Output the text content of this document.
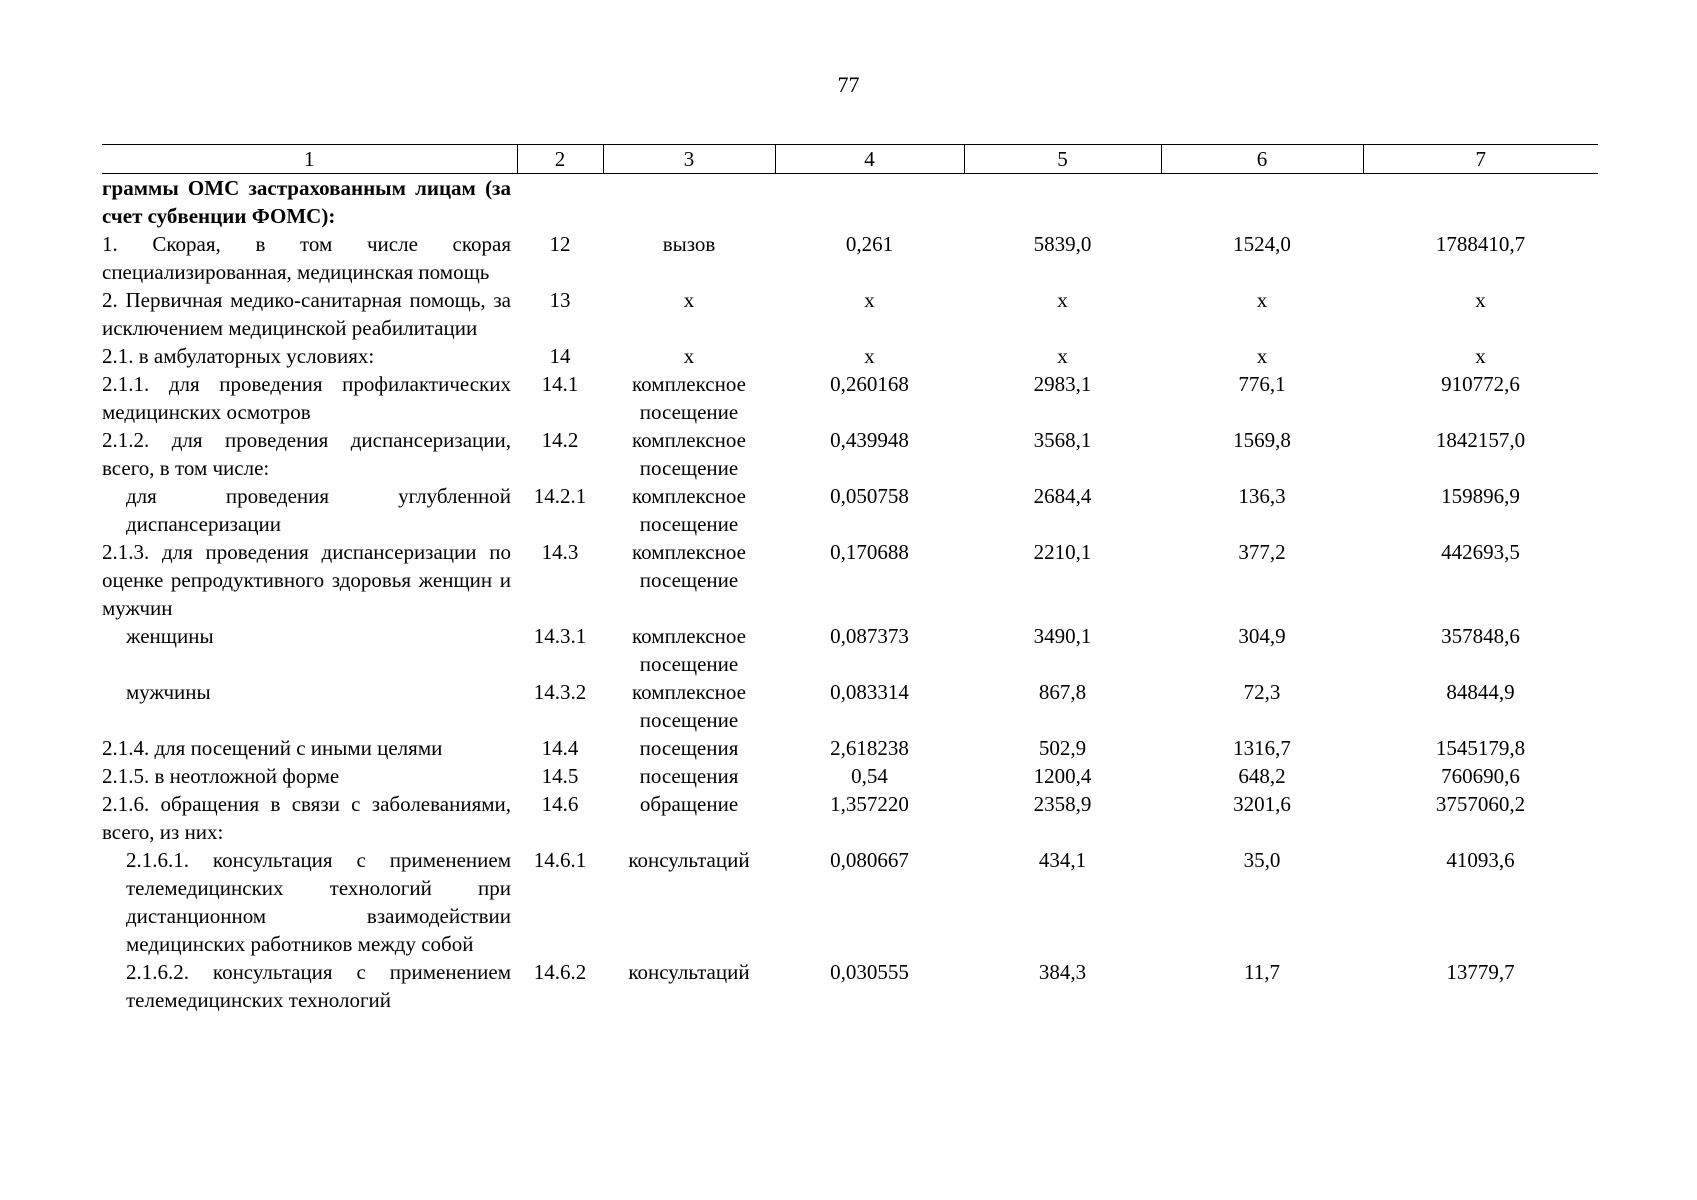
77
1	2	3	4	5	6	7
граммы ОМС застрахованным лицам (за счет субвенции ФОМС):						
1. Скорая, в том числе скорая специализированная, медицинская помощь	12	вызов	0,261	5839,0	1524,0	1788410,7
2. Первичная медико-санитарная помощь, за исключением медицинской реабилитации	13	х	х	х	х	х
2.1. в амбулаторных условиях:	14	х	х	х	х	х
2.1.1. для проведения профилактических медицинских осмотров	14.1	комплексное посещение	0,260168	2983,1	776,1	910772,6
2.1.2. для проведения диспансеризации, всего, в том числе:	14.2	комплексное посещение	0,439948	3568,1	1569,8	1842157,0
для проведения углубленной диспансеризации	14.2.1	комплексное посещение	0,050758	2684,4	136,3	159896,9
2.1.3. для проведения диспансеризации по оценке репродуктивного здоровья женщин и мужчин	14.3	комплексное посещение	0,170688	2210,1	377,2	442693,5
женщины	14.3.1	комплексное посещение	0,087373	3490,1	304,9	357848,6
мужчины	14.3.2	комплексное посещение	0,083314	867,8	72,3	84844,9
2.1.4. для посещений с иными целями	14.4	посещения	2,618238	502,9	1316,7	1545179,8
2.1.5. в неотложной форме	14.5	посещения	0,54	1200,4	648,2	760690,6
2.1.6. обращения в связи с заболеваниями, всего, из них:	14.6	обращение	1,357220	2358,9	3201,6	3757060,2
2.1.6.1. консультация с применением телемедицинских технологий при дистанционном взаимодействии медицинских работников между собой	14.6.1	консультаций	0,080667	434,1	35,0	41093,6
2.1.6.2. консультация с применением телемедицинских технологий	14.6.2	консультаций	0,030555	384,3	11,7	13779,7
